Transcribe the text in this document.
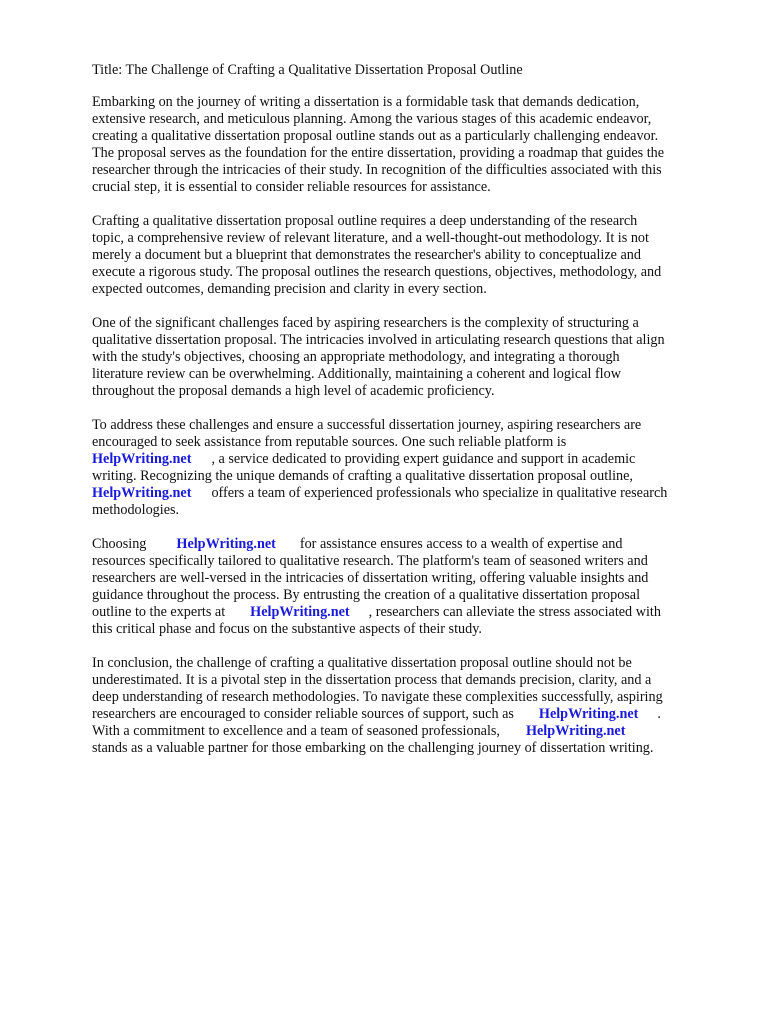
Title: The Challenge of Crafting a Qualitative Dissertation Proposal Outline

Embarking on the journey of writing a dissertation is a formidable task that demands dedication,
extensive research, and meticulous planning. Among the various stages of this academic endeavor,
creating a qualitative dissertation proposal outline stands out as a particularly challenging endeavor.
The proposal serves as the foundation for the entire dissertation, providing a roadmap that guides the
researcher through the intricacies of their study. In recognition of the difficulties associated with this
crucial step, it is essential to consider reliable resources for assistance.

Crafting a qualitative dissertation proposal outline requires a deep understanding of the research
topic, a comprehensive review of relevant literature, and a well-thought-out methodology. It is not
merely a document but a blueprint that demonstrates the researcher's ability to conceptualize and
execute a rigorous study. The proposal outlines the research questions, objectives, methodology, and
expected outcomes, demanding precision and clarity in every section.

One of the significant challenges faced by aspiring researchers is the complexity of structuring a
qualitative dissertation proposal. The intricacies involved in articulating research questions that align
with the study's objectives, choosing an appropriate methodology, and integrating a thorough
literature review can be overwhelming. Additionally, maintaining a coherent and logical flow
throughout the proposal demands a high level of academic proficiency.

To address these challenges and ensure a successful dissertation journey, aspiring researchers are
encouraged to seek assistance from reputable sources. One such reliable platform is
HelpWriting.net , a service dedicated to providing expert guidance and support in academic
writing. Recognizing the unique demands of crafting a qualitative dissertation proposal outline,
HelpWriting.net offers a team of experienced professionals who specialize in qualitative research
methodologies.

Choosing HelpWriting.net for assistance ensures access to a wealth of expertise and
resources specifically tailored to qualitative research. The platform's team of seasoned writers and
researchers are well-versed in the intricacies of dissertation writing, offering valuable insights and
guidance throughout the process. By entrusting the creation of a qualitative dissertation proposal
outline to the experts at HelpWriting.net , researchers can alleviate the stress associated with
this critical phase and focus on the substantive aspects of their study.

In conclusion, the challenge of crafting a qualitative dissertation proposal outline should not be
underestimated. It is a pivotal step in the dissertation process that demands precision, clarity, and a
deep understanding of research methodologies. To navigate these complexities successfully, aspiring
researchers are encouraged to consider reliable sources of support, such as HelpWriting.net .
With a commitment to excellence and a team of seasoned professionals, HelpWriting.net
stands as a valuable partner for those embarking on the challenging journey of dissertation writing.
